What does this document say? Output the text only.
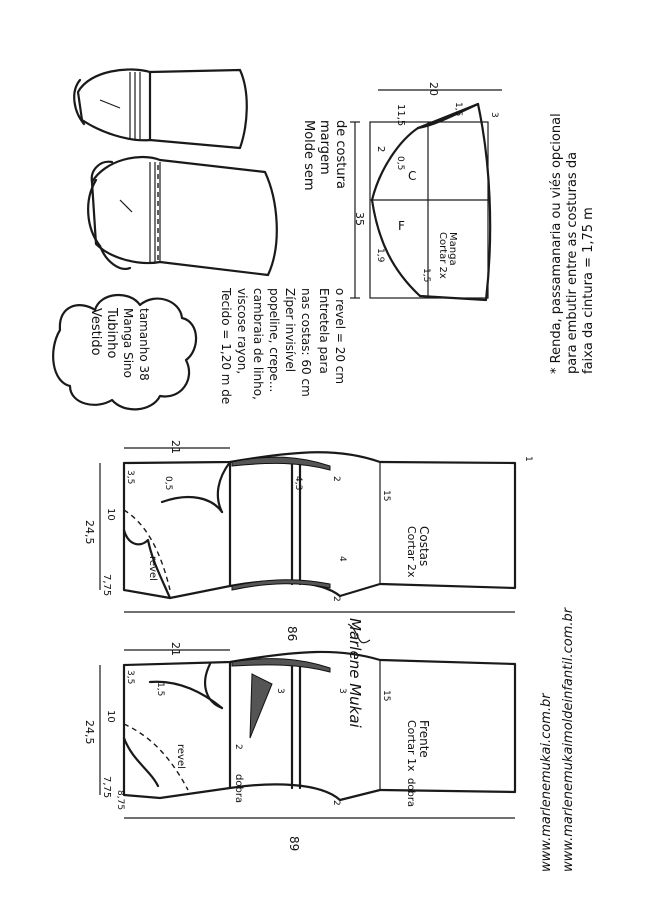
Molde sem margem de costura
Vestido Tubinho Manga Sino tamanho 38	Tecido = 1,20 m de viscose rayon, cambraia de linho, popeline, crepe... Zíper invisível nas costas: 60 cm Entretela para o revel = 20 cm
35
20
11,5
2
0,5
1,5
1,5
1,9
3
C
F
Manga
Cortar 2x	* Renda, passamanaria ou viés opcional para embutir entre as costuras da faixa da cintura = 1,75 m
24,5
7,75
10
3,5	0,5
21
4,3	2
2
15
4
1
revel
Costas
Cortar 2x
86	Marlene Mukai
24,5
7,75
10
3,5
1,5
21
3	3
2
2
15
8,75
revel
dobra	dobra
Frente
Cortar 1x
89	www.marlenemukai.com.br www.marlenemukaimoldeinfantil.com.br
